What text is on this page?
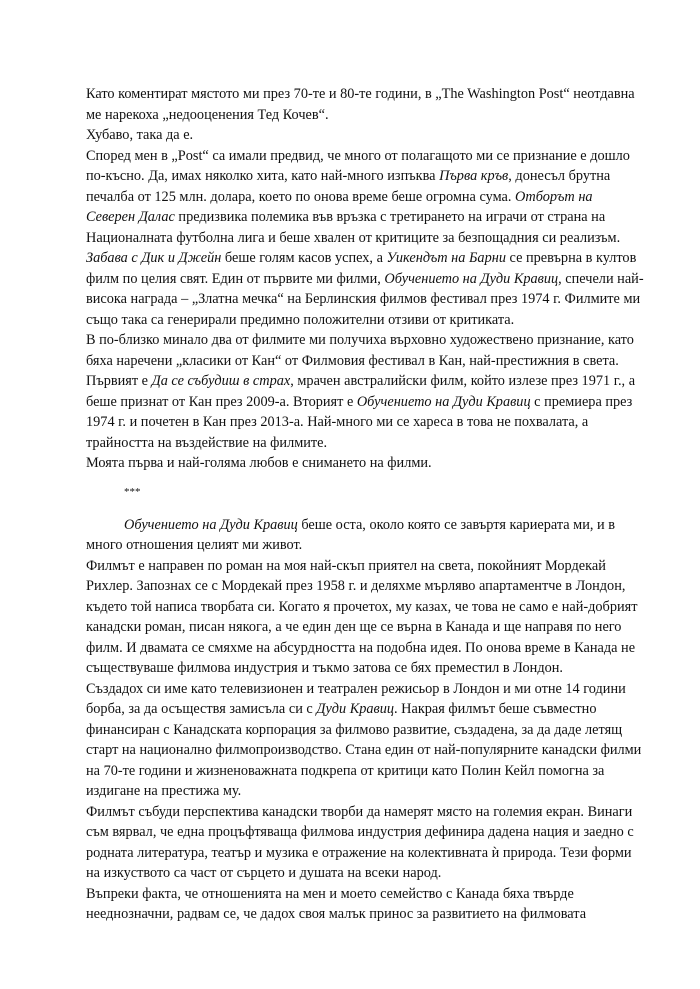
Като коментират мястото ми през 70-те и 80-те години, в „The Washington Post“ неотдавна ме нарекоха „недооценения Тед Кочев“.

Хубаво, така да е.

Според мен в „Post“ са имали предвид, че много от полагащото ми се признание е дошло по-късно. Да, имах няколко хита, като най-много изпъква Първа кръв, донесъл брутна печалба от 125 млн. долара, което по онова време беше огромна сума. Отборът на Северен Далас предизвика полемика във връзка с третирането на играчи от страна на Националната футболна лига и беше хвален от критиците за безпощадния си реализъм. Забава с Дик и Джейн беше голям касов успех, а Уикендът на Барни се превърна в култов филм по целия свят. Един от първите ми филми, Обучението на Дуди Кравиц, спечели най-висока награда – „Златна мечка“ на Берлинския филмов фестивал през 1974 г. Филмите ми също така са генерирали предимно положителни отзиви от критиката.

В по-близко минало два от филмите ми получиха върховно художествено признание, като бяха наречени „класики от Кан“ от Филмовия фестивал в Кан, най-престижния в света. Първият е Да се събудиш в страх, мрачен австралийски филм, който излезе през 1971 г., а беше признат от Кан през 2009-а. Вторият е Обучението на Дуди Кравиц с премиера през 1974 г. и почетен в Кан през 2013-а. Най-много ми се хареса в това не похвалата, а трайността на въздействие на филмите.

Моята първа и най-голяма любов е снимането на филми.

***

Обучението на Дуди Кравиц беше оста, около която се завъртя кариерата ми, и в много отношения целият ми живот.

Филмът е направен по роман на моя най-скъп приятел на света, покойният Мордекай Рихлер. Запознах се с Мордекай през 1958 г. и деляхме мърляво апартаментче в Лондон, където той написа творбата си. Когато я прочетох, му казах, че това не само е най-добрият канадски роман, писан някога, а че един ден ще се върна в Канада и ще направя по него филм. И двамата се смяхме на абсурдността на подобна идея. По онова време в Канада не съществуваше филмова индустрия и тъкмо затова се бях преместил в Лондон.

Създадох си име като телевизионен и театрален режисьор в Лондон и ми отне 14 години борба, за да осъществя замисъла си с Дуди Кравиц. Накрая филмът беше съвместно финансиран с Канадската корпорация за филмово развитие, създадена, за да даде летящ старт на национално филмопроизводство. Стана един от най-популярните канадски филми на 70-те години и жизненоважната подкрепа от критици като Полин Кейл помогна за издигане на престижа му.

Филмът събуди перспектива канадски творби да намерят място на големия екран. Винаги съм вярвал, че една процъфтяваща филмова индустрия дефинира дадена нация и заедно с родната литература, театър и музика е отражение на колективната ѝ природа. Тези форми на изкуството са част от сърцето и душата на всеки народ.

Въпреки факта, че отношенията на мен и моето семейство с Канада бяха твърде нееднозначни, радвам се, че дадох своя малък принос за развитието на филмовата
